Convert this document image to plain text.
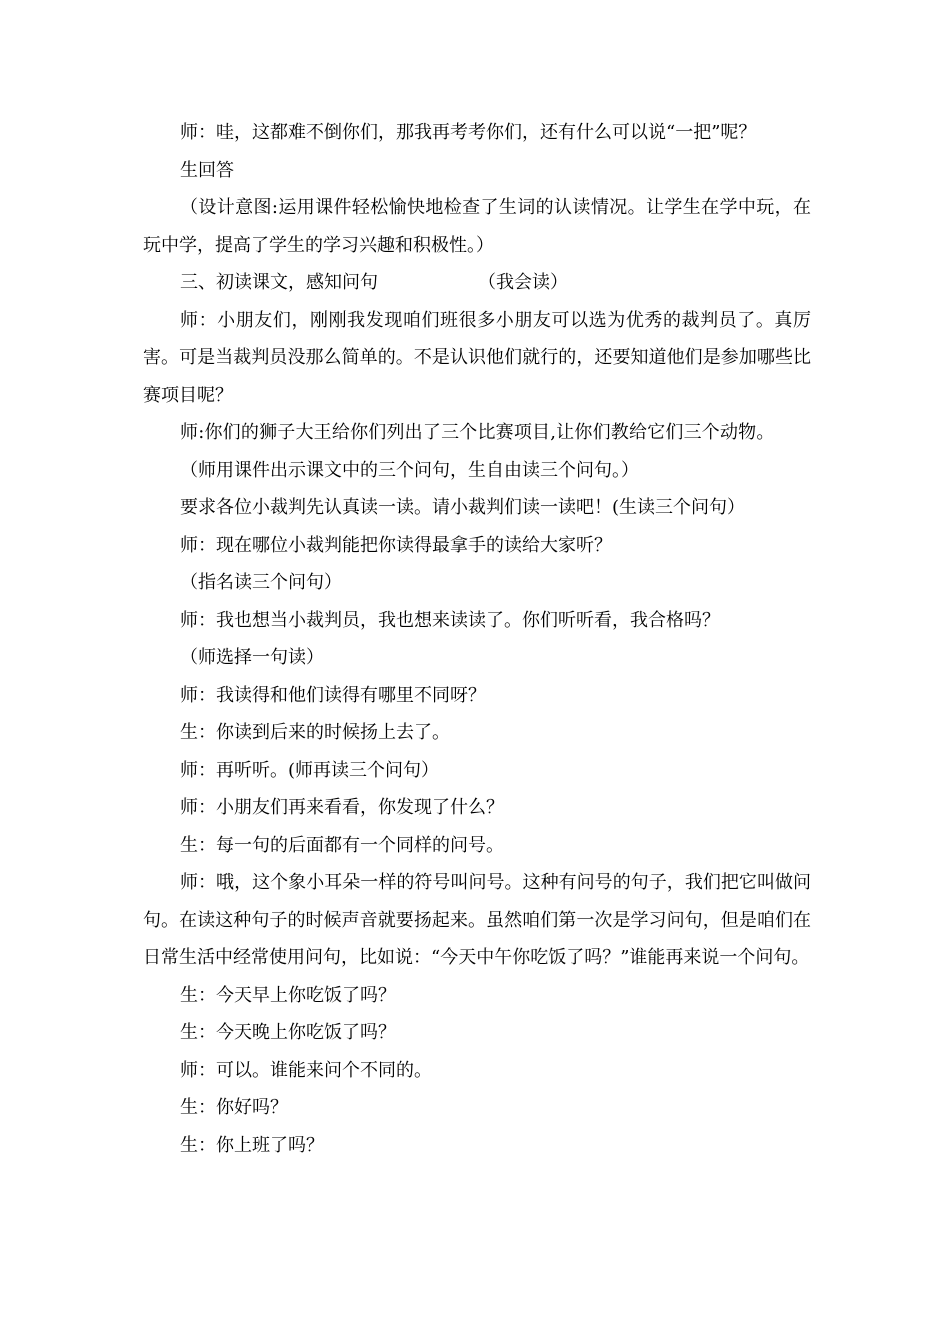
师：哇，这都难不倒你们，那我再考考你们，还有什么可以说“一把”呢？

生回答

（设计意图:运用课件轻松愉快地检查了生词的认读情况。让学生在学中玩，在玩中学，提高了学生的学习兴趣和积极性。）

三、初读课文，感知问句	（我会读）

师：小朋友们，刚刚我发现咱们班很多小朋友可以选为优秀的裁判员了。真厉害。可是当裁判员没那么简单的。不是认识他们就行的，还要知道他们是参加哪些比赛项目呢？

师:你们的狮子大王给你们列出了三个比赛项目,让你们教给它们三个动物。

（师用课件出示课文中的三个问句，生自由读三个问句。）

要求各位小裁判先认真读一读。请小裁判们读一读吧！(生读三个问句）

师：现在哪位小裁判能把你读得最拿手的读给大家听？

（指名读三个问句）

师：我也想当小裁判员，我也想来读读了。你们听听看，我合格吗？

（师选择一句读）

师：我读得和他们读得有哪里不同呀？

生：你读到后来的时候扬上去了。

师：再听听。(师再读三个问句）

师：小朋友们再来看看，你发现了什么？

生：每一句的后面都有一个同样的问号。

师：哦，这个象小耳朵一样的符号叫问号。这种有问号的句子，我们把它叫做问句。在读这种句子的时候声音就要扬起来。虽然咱们第一次是学习问句，但是咱们在日常生活中经常使用问句，比如说：“今天中午你吃饭了吗？”谁能再来说一个问句。

生：今天早上你吃饭了吗？

生：今天晚上你吃饭了吗？

师：可以。谁能来问个不同的。

生：你好吗？

生：你上班了吗？
